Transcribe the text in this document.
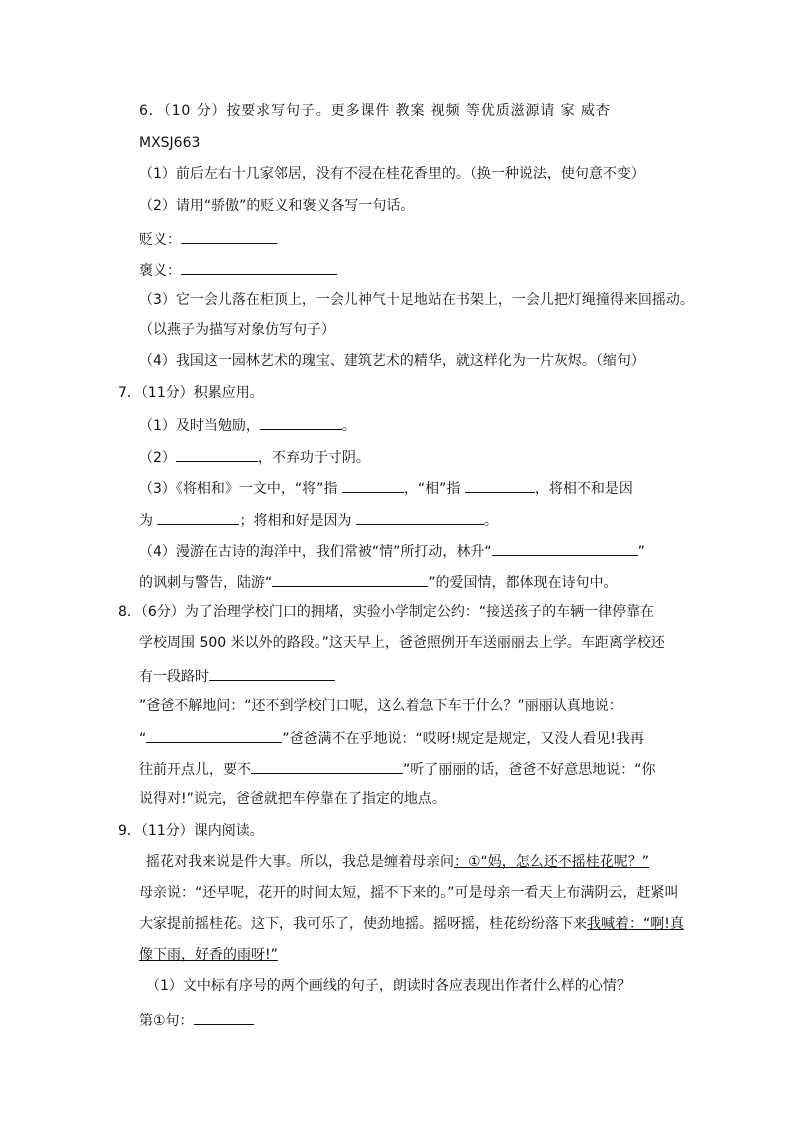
6．（10 分）按要求写句子。更多课件 教案 视频 等优质滋源请 家 威杏
MXSJ663
（1）前后左右十几家邻居，没有不浸在桂花香里的。（换一种说法，使句意不变）
（2）请用“骄傲”的贬义和褒义各写一句话。
贬义：
褒义：
（3）它一会儿落在柜顶上，一会儿神气十足地站在书架上，一会儿把灯绳撞得来回摇动。
（以燕子为描写对象仿写句子）
（4）我国这一园林艺术的瑰宝、建筑艺术的精华，就这样化为一片灰烬。（缩句）
7．（11分）积累应用。
（1）及时当勉励，	。
（2）	，不弃功于寸阴。
（3）《将相和》一文中，“将”指	，“相”指	，将相不和是因
为	；将相和好是因为	。
（4）漫游在古诗的海洋中，我们常被“情”所打动，林升“	”
的讽刺与警告，陆游“	”的爱国情，都体现在诗句中。
8．（6分）为了治理学校门口的拥堵，实验小学制定公约：“接送孩子的车辆一律停靠在
学校周围 500 米以外的路段。”这天早上，爸爸照例开车送丽丽去上学。车距离学校还
有一段路时
”爸爸不解地问：“还不到学校门口呢，这么着急下车干什么？”丽丽认真地说：
“	”爸爸满不在乎地说：“哎呀!规定是规定，又没人看见!我再
往前开点儿，要不	”听了丽丽的话，爸爸不好意思地说：“你
说得对!”说完，爸爸就把车停靠在了指定的地点。
9．（11分）课内阅读。
摇花对我来说是件大事。所以，我总是缠着母亲问：①“妈，怎么还不摇桂花呢？”
母亲说：“还早呢，花开的时间太短，摇不下来的。”可是母亲一看天上布满阴云，赶紧叫
大家提前摇桂花。这下，我可乐了，使劲地摇。摇呀摇，桂花纷纷落下来我喊着：“啊!真
像下雨，好香的雨呀!”
（1）文中标有序号的两个画线的句子，朗读时各应表现出作者什么样的心情？
第①句：
